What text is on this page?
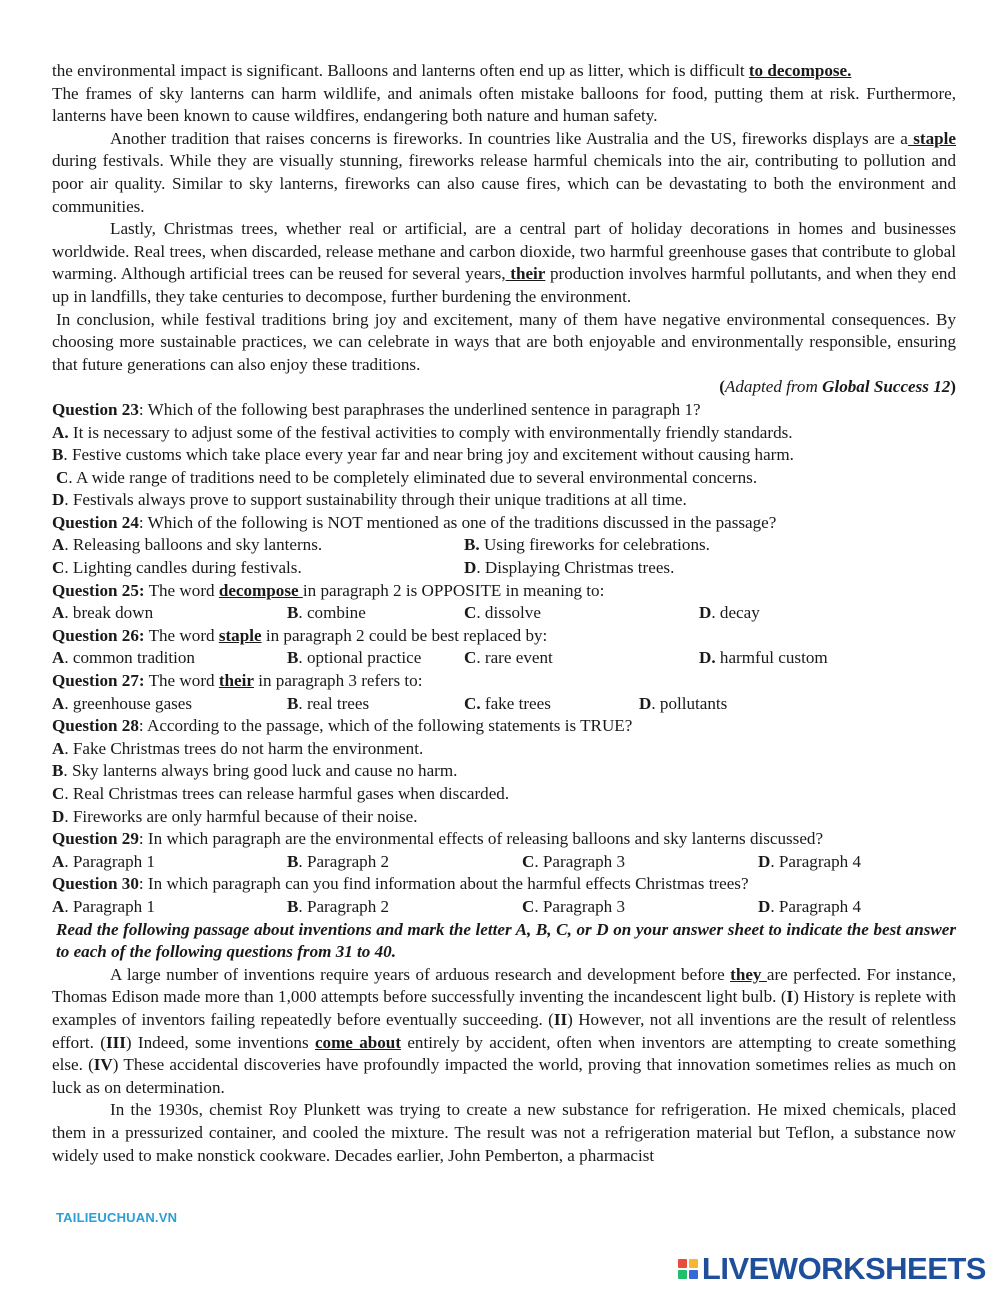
the environmental impact is significant. Balloons and lanterns often end up as litter, which is difficult to decompose.
The frames of sky lanterns can harm wildlife, and animals often mistake balloons for food, putting them at risk. Furthermore, lanterns have been known to cause wildfires, endangering both nature and human safety.

Another tradition that raises concerns is fireworks. In countries like Australia and the US, fireworks displays are a staple during festivals. While they are visually stunning, fireworks release harmful chemicals into the air, contributing to pollution and poor air quality. Similar to sky lanterns, fireworks can also cause fires, which can be devastating to both the environment and communities.

Lastly, Christmas trees, whether real or artificial, are a central part of holiday decorations in homes and businesses worldwide. Real trees, when discarded, release methane and carbon dioxide, two harmful greenhouse gases that contribute to global warming. Although artificial trees can be reused for several years, their production involves harmful pollutants, and when they end up in landfills, they take centuries to decompose, further burdening the environment.

In conclusion, while festival traditions bring joy and excitement, many of them have negative environmental consequences. By choosing more sustainable practices, we can celebrate in ways that are both enjoyable and environmentally responsible, ensuring that future generations can also enjoy these traditions.

(Adapted from Global Success 12)

Question 23: Which of the following best paraphrases the underlined sentence in paragraph 1?
A. It is necessary to adjust some of the festival activities to comply with environmentally friendly standards.
B. Festive customs which take place every year far and near bring joy and excitement without causing harm.
C. A wide range of traditions need to be completely eliminated due to several environmental concerns.
D. Festivals always prove to support sustainability through their unique traditions at all time.
Question 24: Which of the following is NOT mentioned as one of the traditions discussed in the passage?
A. Releasing balloons and sky lanterns.	B. Using fireworks for celebrations.
C. Lighting candles during festivals.	D. Displaying Christmas trees.
Question 25: The word decompose in paragraph 2 is OPPOSITE in meaning to:
A. break down	B. combine	C. dissolve	D. decay
Question 26: The word staple in paragraph 2 could be best replaced by:
A. common tradition	B. optional practice	C. rare event	D. harmful custom
Question 27: The word their in paragraph 3 refers to:
A. greenhouse gases	B. real trees	C. fake trees	D. pollutants
Question 28: According to the passage, which of the following statements is TRUE?
A. Fake Christmas trees do not harm the environment.
B. Sky lanterns always bring good luck and cause no harm.
C. Real Christmas trees can release harmful gases when discarded.
D. Fireworks are only harmful because of their noise.
Question 29: In which paragraph are the environmental effects of releasing balloons and sky lanterns discussed?
A. Paragraph 1	B. Paragraph 2	C. Paragraph 3	D. Paragraph 4
Question 30: In which paragraph can you find information about the harmful effects Christmas trees?
A. Paragraph 1	B. Paragraph 2	C. Paragraph 3	D. Paragraph 4

Read the following passage about inventions and mark the letter A, B, C, or D on your answer sheet to indicate the best answer to each of the following questions from 31 to 40.

A large number of inventions require years of arduous research and development before they are perfected. For instance, Thomas Edison made more than 1,000 attempts before successfully inventing the incandescent light bulb. (I) History is replete with examples of inventors failing repeatedly before eventually succeeding. (II) However, not all inventions are the result of relentless effort. (III) Indeed, some inventions come about entirely by accident, often when inventors are attempting to create something else. (IV) These accidental discoveries have profoundly impacted the world, proving that innovation sometimes relies as much on luck as on determination.

In the 1930s, chemist Roy Plunkett was trying to create a new substance for refrigeration. He mixed chemicals, placed them in a pressurized container, and cooled the mixture. The result was not a refrigeration material but Teflon, a substance now widely used to make nonstick cookware. Decades earlier, John Pemberton, a pharmacist

TAILIEUCHUAN.VN
LIVEWORKSHEETS
